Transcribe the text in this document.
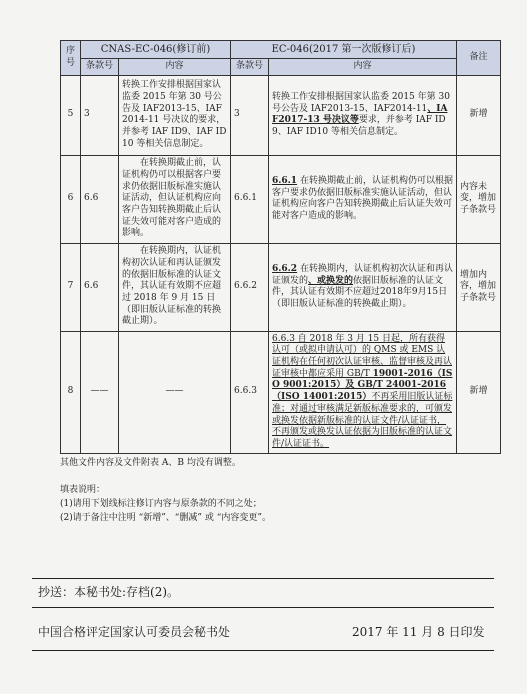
序号	CNAS-EC-046(修订前)		EC-046(2017 第一次版修订后)		备注
	条款号	内容	条款号	内容	
5	3	转换工作安排根据国家认监委 2015 年第 30 号公告及 IAF2013-15、IAF2014-11 号决议的要求，并参考 IAF ID9、IAF ID10 等相关信息制定。	3	转换工作安排根据国家认监委 2015 年第 30 号公告及 IAF2013-15、IAF2014-11、IAF2017-13 号决议等要求，并参考 IAF ID9、IAF ID10 等相关信息制定。	新增
6	6.6	在转换期截止前，认证机构仍可以根据客户要求仍依据旧版标准实施认证活动，但认证机构应向客户告知转换期截止后认证失效可能对客户造成的影响。	6.6.1	6.6.1 在转换期截止前，认证机构仍可以根据客户要求仍依据旧版标准实施认证活动，但认证机构应向客户告知转换期截止后认证失效可能对客户造成的影响。	内容未变，增加子条款号
7	6.6	在转换期内，认证机构初次认证和再认证颁发的依据旧版标准的认证文件，其认证有效期不应超过 2018 年 9 月 15 日（即旧版认证标准的转换截止期）。	6.6.2	6.6.2 在转换期内，认证机构初次认证和再认证颁发的、或换发的依据旧版标准的认证文件，其认证有效期不应超过2018年9月15日（即旧版认证标准的转换截止期）。	增加内容，增加子条款号
8	——	——	6.6.3	6.6.3 自 2018 年 3 月 15 日起，所有获得认可（或拟申请认可）的 QMS 或 EMS 认证机构在任何初次认证审核、监督审核及再认证审核中都应采用 GB/T 19001-2016（ISO 9001:2015）及 GB/T 24001-2016（ISO 14001:2015）不再采用旧版认证标准；对通过审核满足新版标准要求的，可颁发或换发依据新版标准的认证文件/认证证书，不再颁发或换发认证依据为旧版标准的认证文件/认证证书。	新增
其他文件内容及文件附表 A、B 均没有调整。
填表说明：
(1)请用下划线标注修订内容与原条款的不同之处；
(2)请于备注中注明 “新增”、“删减” 或 “内容变更”。
抄送：本秘书处:存档(2)。
中国合格评定国家认可委员会秘书处	2017 年 11 月 8 日印发
